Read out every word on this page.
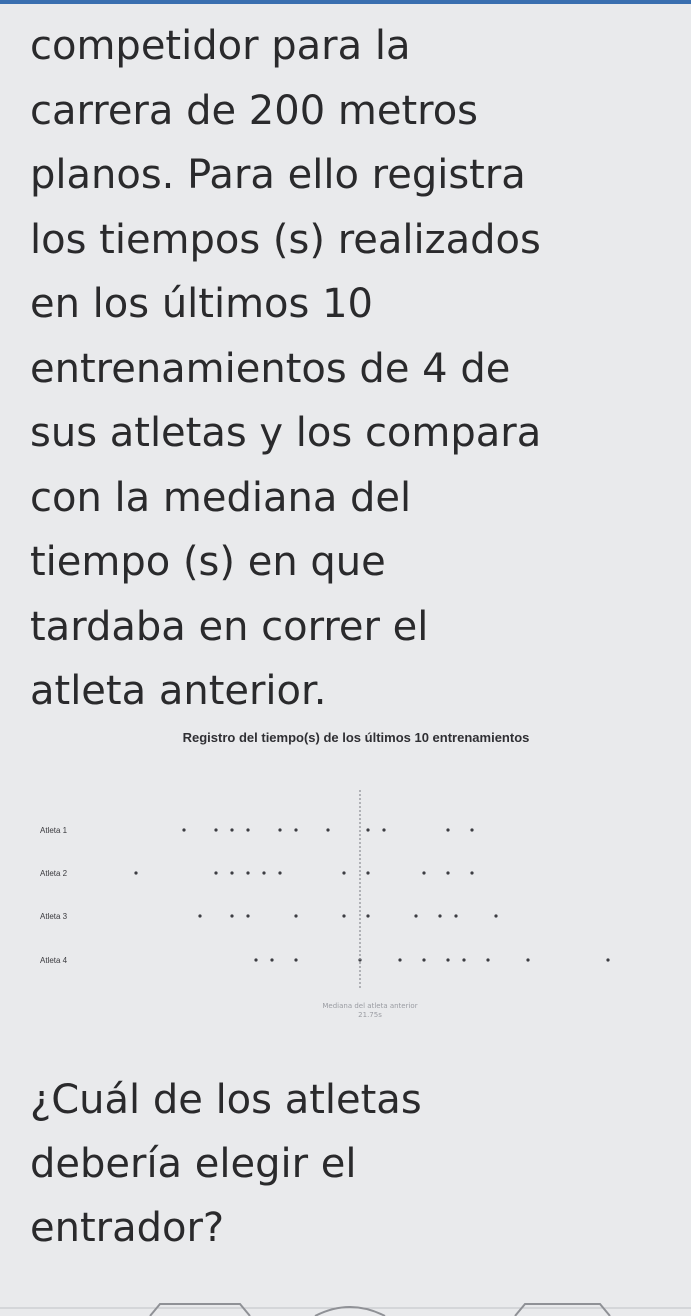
competidor para la
carrera de 200 metros
planos. Para ello registra
los tiempos (s) realizados
en los últimos 10
entrenamientos de 4 de
sus atletas y los compara
con la mediana del
tiempo (s) en que
tardaba en correr el
atleta anterior.
Registro del tiempo(s) de los últimos 10 entrenamientos
Atleta 1
Atleta 2
Atleta 3
Atleta 4
Mediana del atleta anterior
21.75s
¿Cuál de los atletas
debería elegir el
entrador?
